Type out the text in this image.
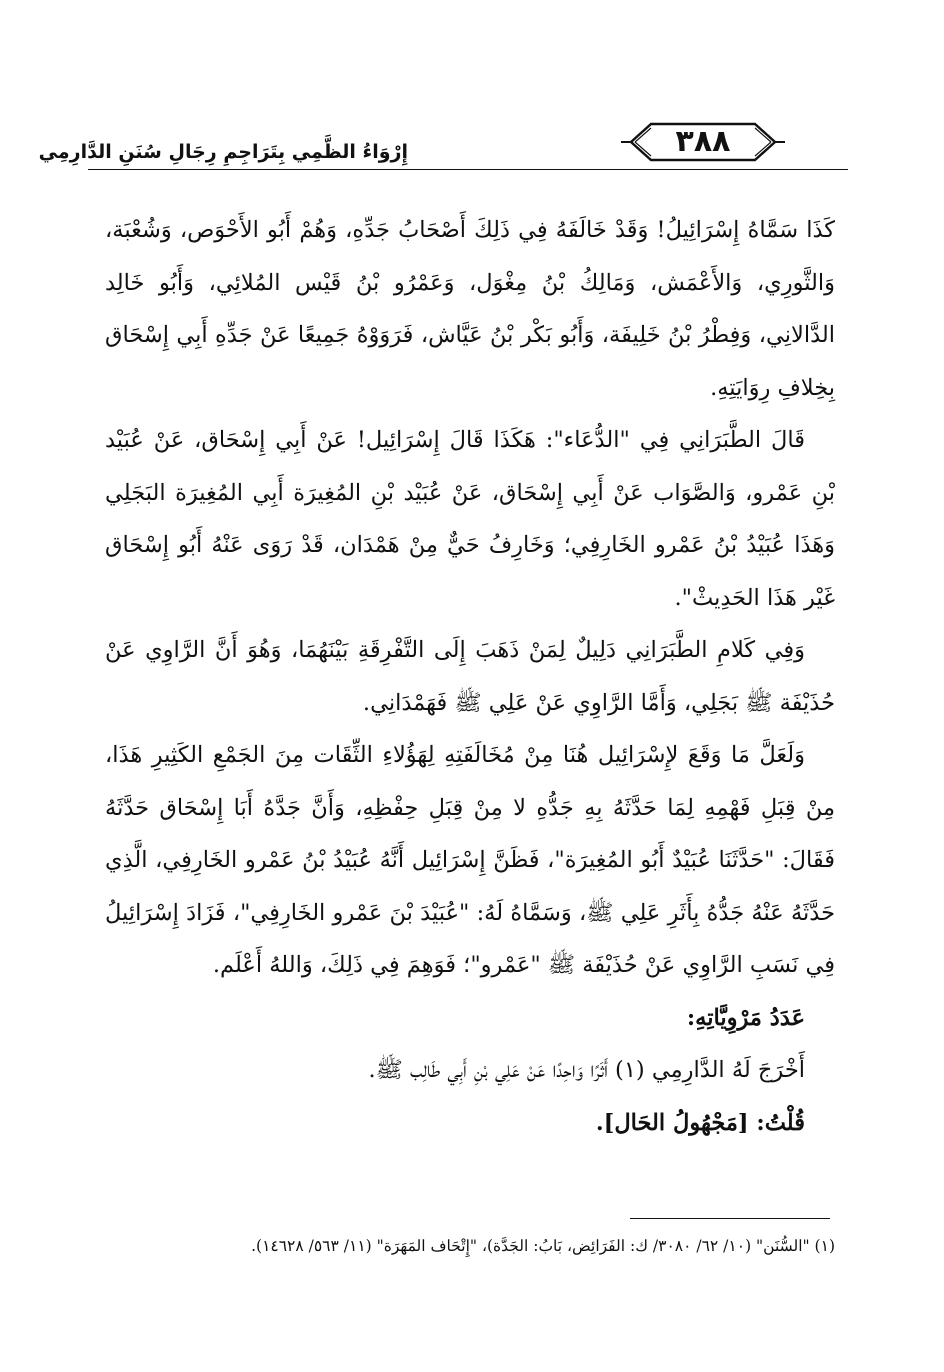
٣٨٨
إِرْوَاءُ الظَّمِي بِتَرَاجِمِ رِجَالِ سُنَنِ الدَّارِمِي

كَذَا سَمَّاهُ إِسْرَائِيلُ! وَقَدْ خَالَفَهُ فِي ذَلِكَ أَصْحَابُ جَدِّهِ، وَهُمْ أَبُو الأَحْوَص، وَشُعْبَة، وَالثَّورِي، وَالأَعْمَش، وَمَالِكُ بْنُ مِغْوَل، وَعَمْرُو بْنُ قَيْس المُلائِي، وَأَبُو خَالِد الدَّالانِي، وَفِطْرُ بْنُ خَلِيفَة، وَأَبُو بَكْر بْنُ عَيَّاش، فَرَوَوْهُ جَمِيعًا عَنْ جَدِّهِ أَبِي إِسْحَاق بِخِلافِ رِوَايَتِهِ.

قَالَ الطَّبَرَانِي فِي "الدُّعَاء": هَكَذَا قَالَ إِسْرَائِيل! عَنْ أَبِي إِسْحَاق، عَنْ عُبَيْد بْنِ عَمْرو، وَالصَّوَاب عَنْ أَبِي إِسْحَاق، عَنْ عُبَيْد بْنِ المُغِيرَة أَبِي المُغِيرَة البَجَلِي وَهَذَا عُبَيْدُ بْنُ عَمْرو الخَارِفِي؛ وَخَارِفُ حَيٌّ مِنْ هَمْدَان، قَدْ رَوَى عَنْهُ أَبُو إِسْحَاق غَيْر هَذَا الحَدِيثْ".

وَفِي كَلامِ الطَّبَرَانِي دَلِيلٌ لِمَنْ ذَهَبَ إِلَى التَّفْرِقَةِ بَيْنَهُمَا، وَهُوَ أَنَّ الرَّاوِي عَنْ حُذَيْفَة ﷺ بَجَلِي، وَأَمَّا الرَّاوِي عَنْ عَلِي ﷺ فَهَمْدَانِي.

وَلَعَلَّ مَا وَقَعَ لإِسْرَائِيل هُنَا مِنْ مُخَالَفَتِهِ لِهَؤُلاءِ الثِّقَات مِنَ الجَمْعِ الكَثِيرِ هَذَا، مِنْ قِبَلِ فَهْمِهِ لِمَا حَدَّثَهُ بِهِ جَدُّهِ لا مِنْ قِبَلِ حِفْظِهِ، وَأَنَّ جَدَّهُ أَبَا إِسْحَاق حَدَّثَهُ فَقَالَ: "حَدَّثَنَا عُبَيْدٌ أَبُو المُغِيرَة"، فَظَنَّ إِسْرَائِيل أَنَّهُ عُبَيْدُ بْنُ عَمْرو الخَارِفِي، الَّذِي حَدَّثَهُ عَنْهُ جَدُّهُ بِأَثَرِ عَلِي ﷺ، وَسَمَّاهُ لَهُ: "عُبَيْدَ بْنَ عَمْرو الخَارِفِي"، فَزَادَ إِسْرَائِيلُ فِي نَسَبِ الرَّاوِي عَنْ حُذَيْفَة ﷺ "عَمْرو"؛ فَوَهِمَ فِي ذَلِكَ، وَاللهُ أَعْلَم.

عَدَدُ مَرْوِيَّاتِهِ:

أَخْرَجَ لَهُ الدَّارِمِي (١) أَثَرًا وَاحِدًا عَنْ عَلِي بْنِ أَبِي طَالِب ﷺ.

قُلْتُ: [مَجْهُولُ الحَال].

(١) "السُّنَن" (١٠/ ٦٢/ ٣٠٨٠/ ك: الفَرَائِض، بَابُ: الجَدَّة)، "إِتْحَاف المَهَرَة" (١١/ ٥٦٣/ ١٤٦٢٨).
